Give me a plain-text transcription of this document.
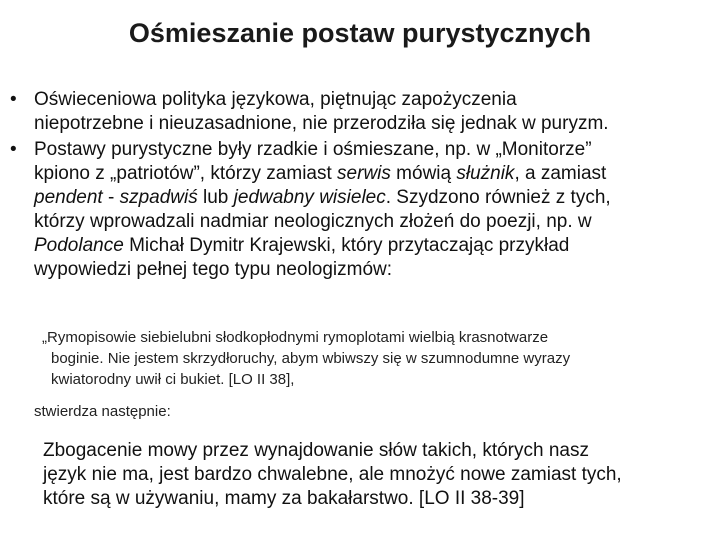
Ośmieszanie postaw purystycznych
• Oświeceniowa polityka językowa, piętnując zapożyczenia
niepotrzebne i nieuzasadnione, nie przerodziła się jednak w puryzm.
• Postawy purystyczne były rzadkie i ośmieszane, np. w „Monitorze”
kpiono z „patriotów”, którzy zamiast serwis mówią służnik, a zamiast
pendent - szpadwiś lub jedwabny wisielec. Szydzono również z tych,
którzy wprowadzali nadmiar neologicznych złożeń do poezji, np. w
Podolance Michał Dymitr Krajewski, który przytaczając przykład
wypowiedzi pełnej tego typu neologizmów:
„Rymopisowie siebielubni słodkopłodnymi rymoplotami wielbią krasnotwarze
boginie. Nie jestem skrzydłoruchy, abym wbiwszy się w szumnodumne wyrazy
kwiatorodny uwił ci bukiet. [LO II 38],
stwierdza następnie:
Zbogacenie mowy przez wynajdowanie słów takich, których nasz
język nie ma, jest bardzo chwalebne, ale mnożyć nowe zamiast tych,
które są w używaniu, mamy za bakałarstwo. [LO II 38-39]
